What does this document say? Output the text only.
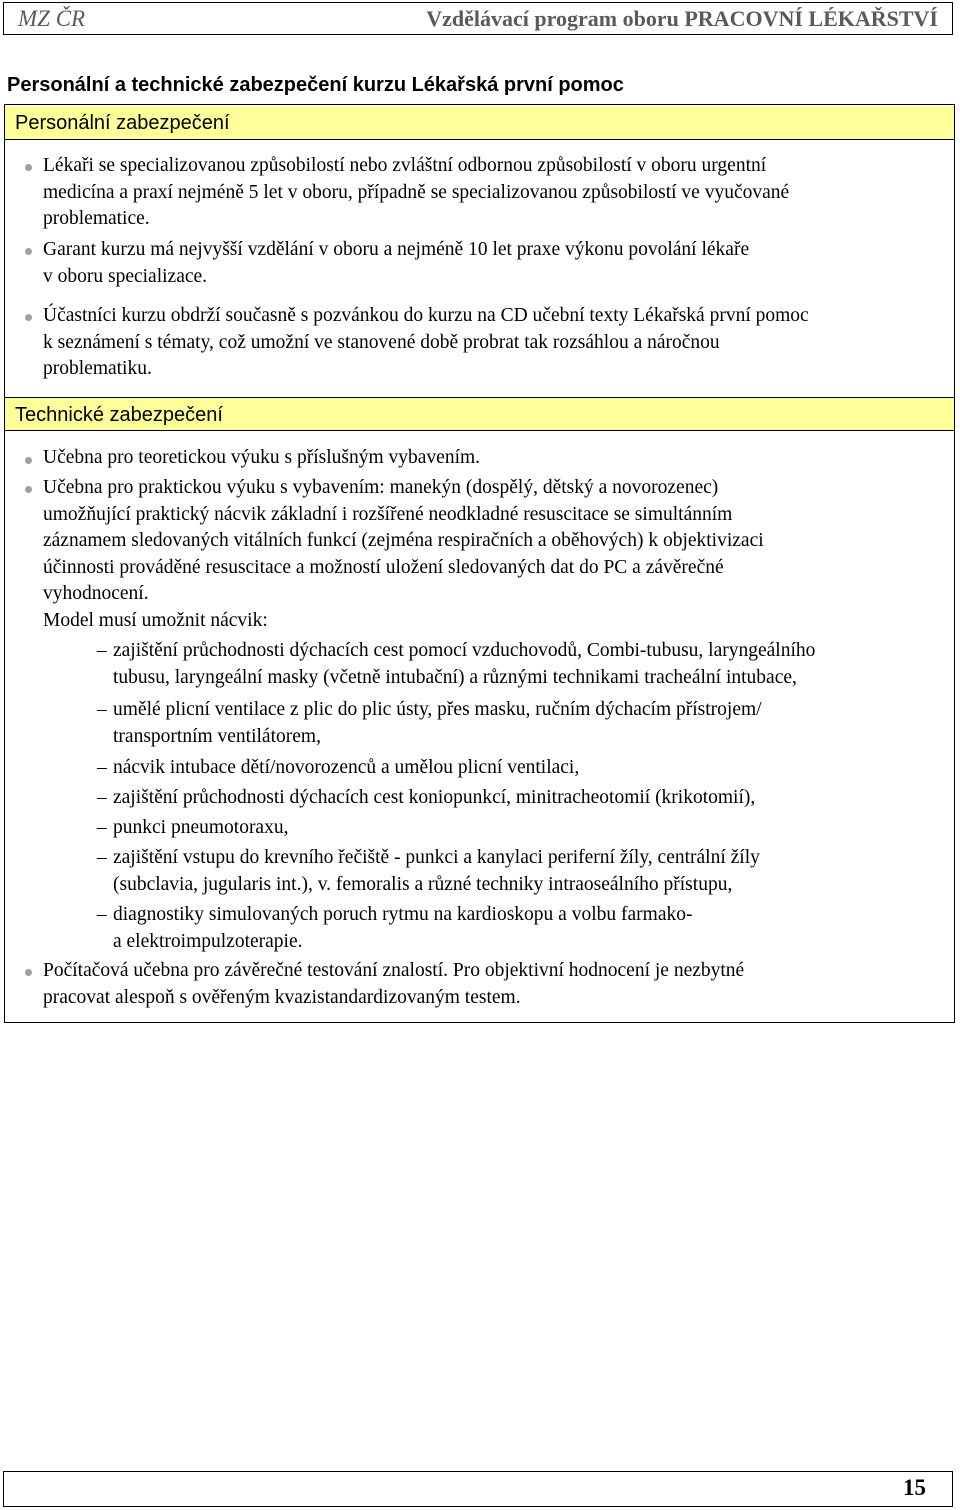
MZ ČR	Vzdělávací program oboru PRACOVNÍ LÉKAŘSTVÍ
Personální a technické zabezpečení kurzu Lékařská první pomoc
Personální zabezpečení
Lékaři se specializovanou způsobilostí nebo zvláštní odbornou způsobilostí v oboru urgentní
medicína a praxí nejméně 5 let v oboru, případně se specializovanou způsobilostí ve vyučované
problematice.
Garant kurzu má nejvyšší vzdělání v oboru a nejméně 10 let praxe výkonu povolání lékaře
v oboru specializace.
Účastníci kurzu obdrží současně s pozvánkou do kurzu na CD učební texty Lékařská první pomoc
k seznámení s tématy, což umožní ve stanovené době probrat tak rozsáhlou a náročnou
problematiku.
Technické zabezpečení
Učebna pro teoretickou výuku s příslušným vybavením.
Učebna pro praktickou výuku s vybavením: manekýn (dospělý, dětský a novorozenec)
umožňující praktický nácvik základní i rozšířené neodkladné resuscitace se simultánním
záznamem sledovaných vitálních funkcí (zejména respiračních a oběhových) k objektivizaci
účinnosti prováděné resuscitace a možností uložení sledovaných dat do PC a závěrečné
vyhodnocení.
Model musí umožnit nácvik:
– zajištění průchodnosti dýchacích cest pomocí vzduchovodů, Combi-tubusu, laryngeálního
tubusu, laryngeální masky (včetně intubační) a různými technikami tracheální intubace,
– umělé plicní ventilace z plic do plic ústy, přes masku, ručním dýchacím přístrojem/
transportním ventilátorem,
– nácvik intubace dětí/novorozenců a umělou plicní ventilaci,
– zajištění průchodnosti dýchacích cest koniopunkcí, minitracheotomií (krikotomií),
– punkci pneumotoraxu,
– zajištění vstupu do krevního řečiště - punkci a kanylaci periferní žíly, centrální žíly
(subclavia, jugularis int.), v. femoralis a různé techniky intraoseálního přístupu,
– diagnostiky simulovaných poruch rytmu na kardioskopu a volbu farmako-
a elektroimpulzoterapie.
Počítačová učebna pro závěrečné testování znalostí. Pro objektivní hodnocení je nezbytné
pracovat alespoň s ověřeným kvazistandardizovaným testem.
15
